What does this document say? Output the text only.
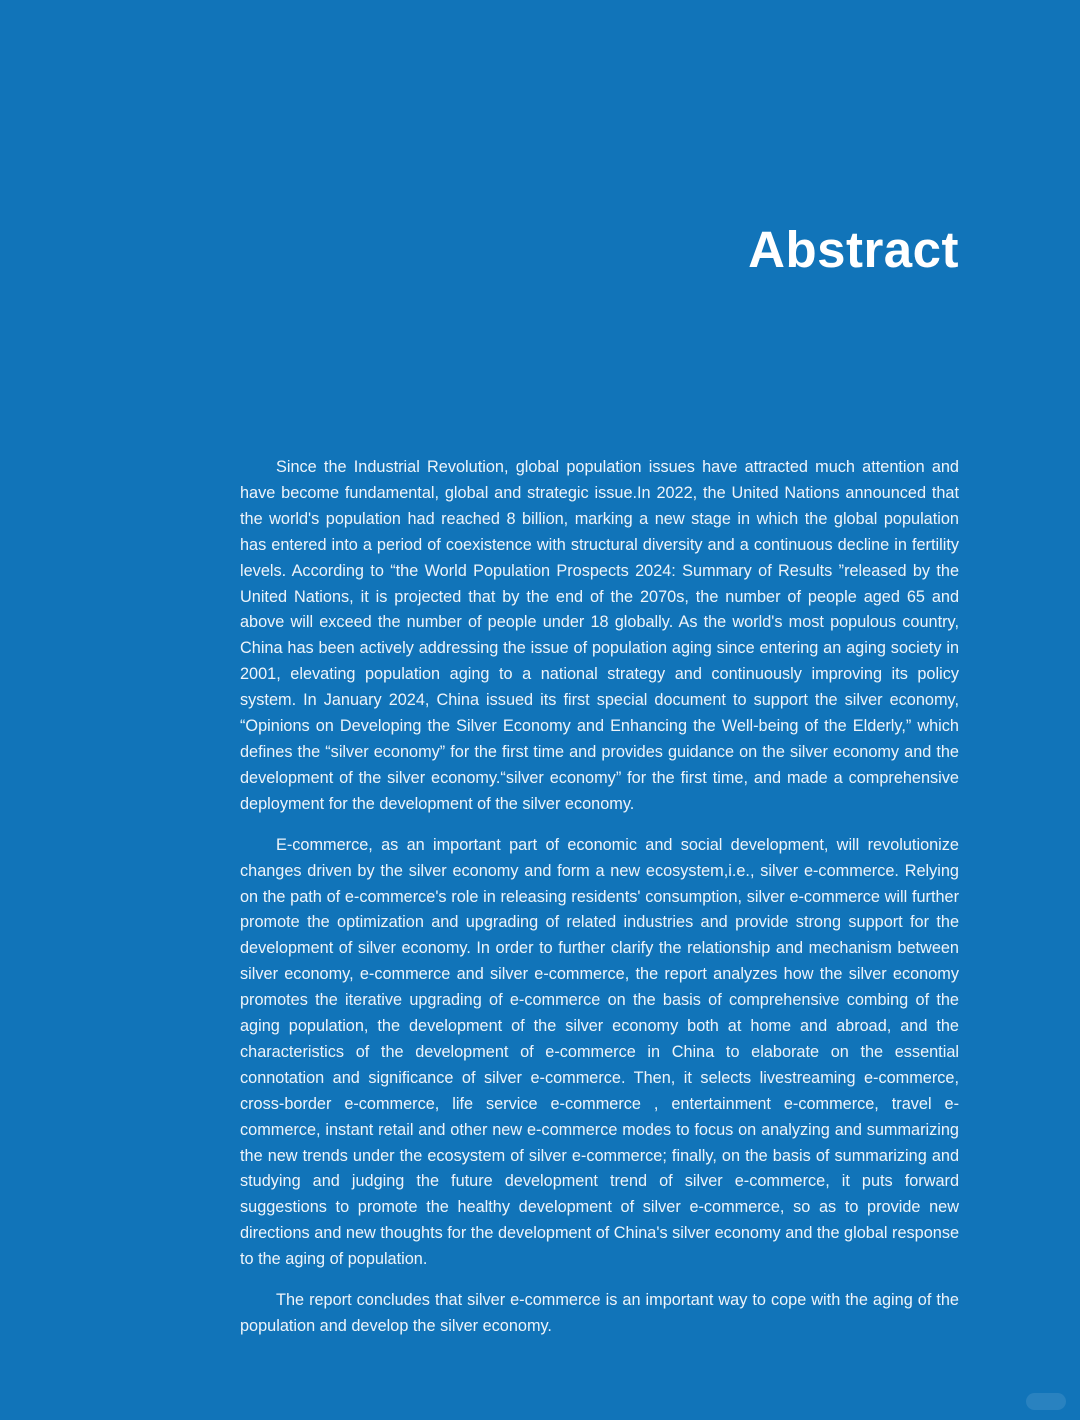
Abstract

Since the Industrial Revolution, global population issues have attracted much attention and have become fundamental, global and strategic issue.In 2022, the United Nations announced that the world's population had reached 8 billion, marking a new stage in which the global population has entered into a period of coexistence with structural diversity and a continuous decline in fertility levels. According to “the World Population Prospects 2024: Summary of Results ”released by the United Nations, it is projected that by the end of the 2070s, the number of people aged 65 and above will exceed the number of people under 18 globally. As the world's most populous country, China has been actively addressing the issue of population aging since entering an aging society in 2001, elevating population aging to a national strategy and continuously improving its policy system. In January 2024, China issued its first special document to support the silver economy, “Opinions on Developing the Silver Economy and Enhancing the Well-being of the Elderly,” which defines the “silver economy” for the first time and provides guidance on the silver economy and the development of the silver economy.“silver economy” for the first time, and made a comprehensive deployment for the development of the silver economy.

E-commerce, as an important part of economic and social development, will revolutionize changes driven by the silver economy and form a new ecosystem,i.e., silver e-commerce. Relying on the path of e-commerce's role in releasing residents' consumption, silver e-commerce will further promote the optimization and upgrading of related industries and provide strong support for the development of silver economy. In order to further clarify the relationship and mechanism between silver economy, e-commerce and silver e-commerce, the report analyzes how the silver economy promotes the iterative upgrading of e-commerce on the basis of comprehensive combing of the aging population, the development of the silver economy both at home and abroad, and the characteristics of the development of e-commerce in China to elaborate on the essential connotation and significance of silver e-commerce. Then, it selects livestreaming e-commerce, cross-border e-commerce, life service e-commerce , entertainment e-commerce, travel e-commerce, instant retail and other new e-commerce modes to focus on analyzing and summarizing the new trends under the ecosystem of silver e-commerce; finally, on the basis of summarizing and studying and judging the future development trend of silver e-commerce, it puts forward suggestions to promote the healthy development of silver e-commerce, so as to provide new directions and new thoughts for the development of China's silver economy and the global response to the aging of population.

The report concludes that silver e-commerce is an important way to cope with the aging of the population and develop the silver economy.
